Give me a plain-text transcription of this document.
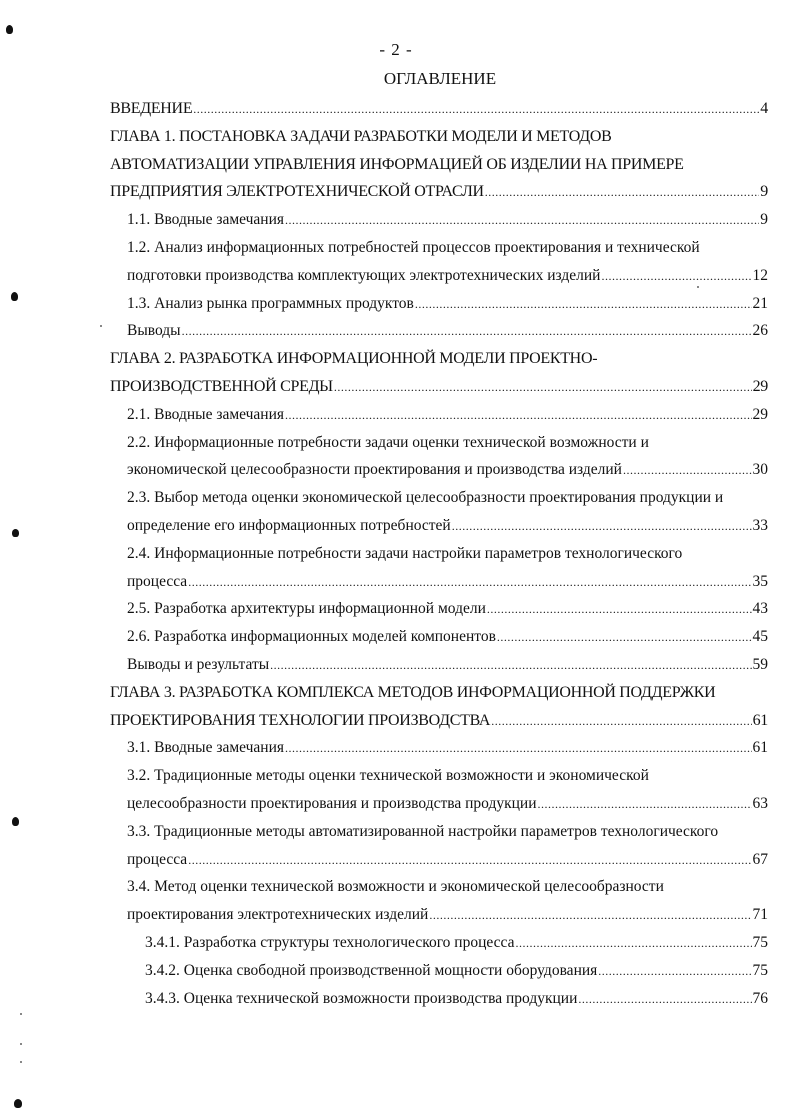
- 2 -
ОГЛАВЛЕНИЕ
ВВЕДЕНИЕ .....	4
ГЛАВА 1. ПОСТАНОВКА ЗАДАЧИ РАЗРАБОТКИ МОДЕЛИ И МЕТОДОВ
АВТОМАТИЗАЦИИ УПРАВЛЕНИЯ ИНФОРМАЦИЕЙ ОБ ИЗДЕЛИИ НА ПРИМЕРЕ
ПРЕДПРИЯТИЯ ЭЛЕКТРОТЕХНИЧЕСКОЙ ОТРАСЛИ .....	9
1.1. Вводные замечания .....	9
1.2. Анализ информационных потребностей процессов проектирования и технической
подготовки производства комплектующих электротехнических изделий .....	12
1.3. Анализ рынка программных продуктов .....	21
Выводы .....	26
ГЛАВА 2. РАЗРАБОТКА ИНФОРМАЦИОННОЙ МОДЕЛИ ПРОЕКТНО-
ПРОИЗВОДСТВЕННОЙ СРЕДЫ .....	29
2.1. Вводные замечания .....	29
2.2. Информационные потребности задачи оценки технической возможности и
экономической целесообразности проектирования и производства изделий .....	30
2.3. Выбор метода оценки экономической целесообразности проектирования продукции и
определение его информационных потребностей .....	33
2.4. Информационные потребности задачи настройки параметров технологического
процесса .....	35
2.5. Разработка архитектуры информационной модели .....	43
2.6. Разработка информационных моделей компонентов .....	45
Выводы и результаты .....	59
ГЛАВА 3. РАЗРАБОТКА КОМПЛЕКСА МЕТОДОВ ИНФОРМАЦИОННОЙ ПОДДЕРЖКИ
ПРОЕКТИРОВАНИЯ ТЕХНОЛОГИИ ПРОИЗВОДСТВА .....	61
3.1. Вводные замечания .....	61
3.2. Традиционные методы оценки технической возможности и экономической
целесообразности проектирования и производства продукции .....	63
3.3. Традиционные методы автоматизированной настройки параметров технологического
процесса .....	67
3.4. Метод оценки технической возможности и экономической целесообразности
проектирования электротехнических изделий .....	71
3.4.1. Разработка структуры технологического процесса .....	75
3.4.2. Оценка свободной производственной мощности оборудования .....	75
3.4.3. Оценка технической возможности производства продукции .....	76
